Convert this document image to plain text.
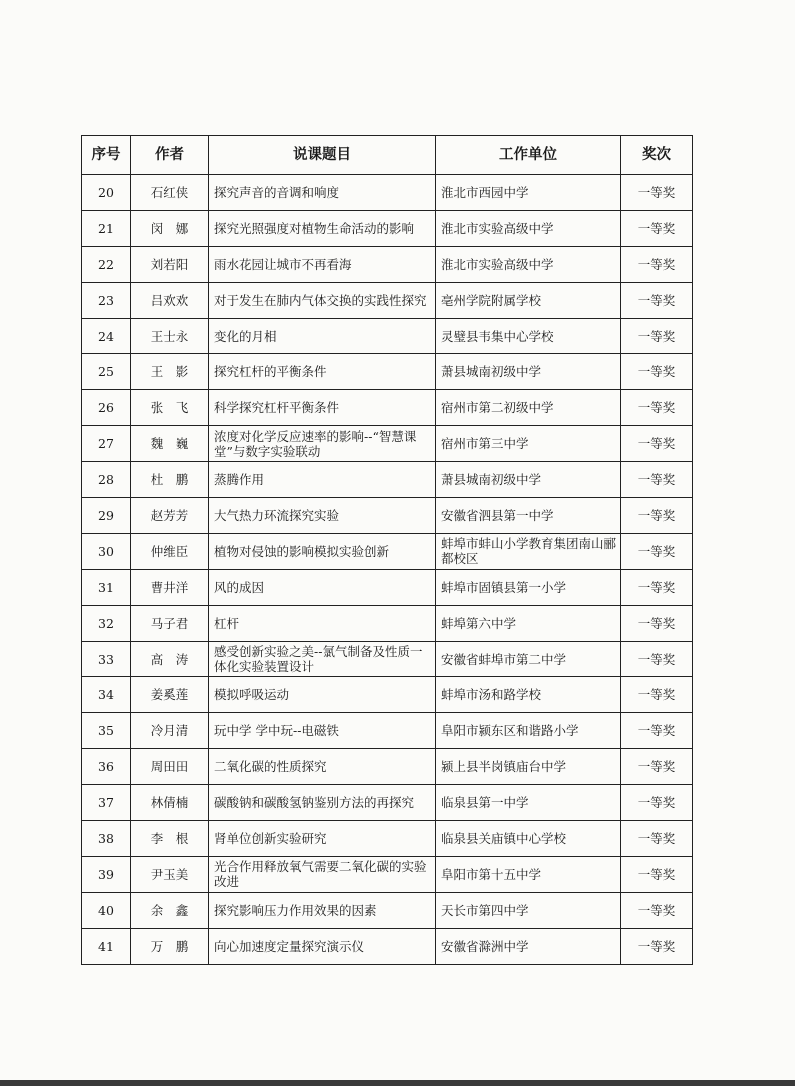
序号	作者	说课题目	工作单位	奖次
20	石红侠	探究声音的音调和响度	淮北市西园中学	一等奖
21	闵　娜	探究光照强度对植物生命活动的影响	淮北市实验高级中学	一等奖
22	刘若阳	雨水花园让城市不再看海	淮北市实验高级中学	一等奖
23	吕欢欢	对于发生在肺内气体交换的实践性探究	亳州学院附属学校	一等奖
24	王士永	变化的月相	灵璧县韦集中心学校	一等奖
25	王　影	探究杠杆的平衡条件	萧县城南初级中学	一等奖
26	张　飞	科学探究杠杆平衡条件	宿州市第二初级中学	一等奖
27	魏　巍	浓度对化学反应速率的影响--“智慧课堂”与数字实验联动	宿州市第三中学	一等奖
28	杜　鹏	蒸腾作用	萧县城南初级中学	一等奖
29	赵芳芳	大气热力环流探究实验	安徽省泗县第一中学	一等奖
30	仲维臣	植物对侵蚀的影响模拟实验创新	蚌埠市蚌山小学教育集团南山郦都校区	一等奖
31	曹井洋	风的成因	蚌埠市固镇县第一小学	一等奖
32	马子君	杠杆	蚌埠第六中学	一等奖
33	高　涛	感受创新实验之美--氯气制备及性质一体化实验装置设计	安徽省蚌埠市第二中学	一等奖
34	姜奚莲	模拟呼吸运动	蚌埠市汤和路学校	一等奖
35	冷月清	玩中学 学中玩--电磁铁	阜阳市颍东区和谐路小学	一等奖
36	周田田	二氧化碳的性质探究	颍上县半岗镇庙台中学	一等奖
37	林倩楠	碳酸钠和碳酸氢钠鉴别方法的再探究	临泉县第一中学	一等奖
38	李　根	肾单位创新实验研究	临泉县关庙镇中心学校	一等奖
39	尹玉美	光合作用释放氧气需要二氧化碳的实验改进	阜阳市第十五中学	一等奖
40	余　鑫	探究影响压力作用效果的因素	天长市第四中学	一等奖
41	万　鹏	向心加速度定量探究演示仪	安徽省滁洲中学	一等奖
